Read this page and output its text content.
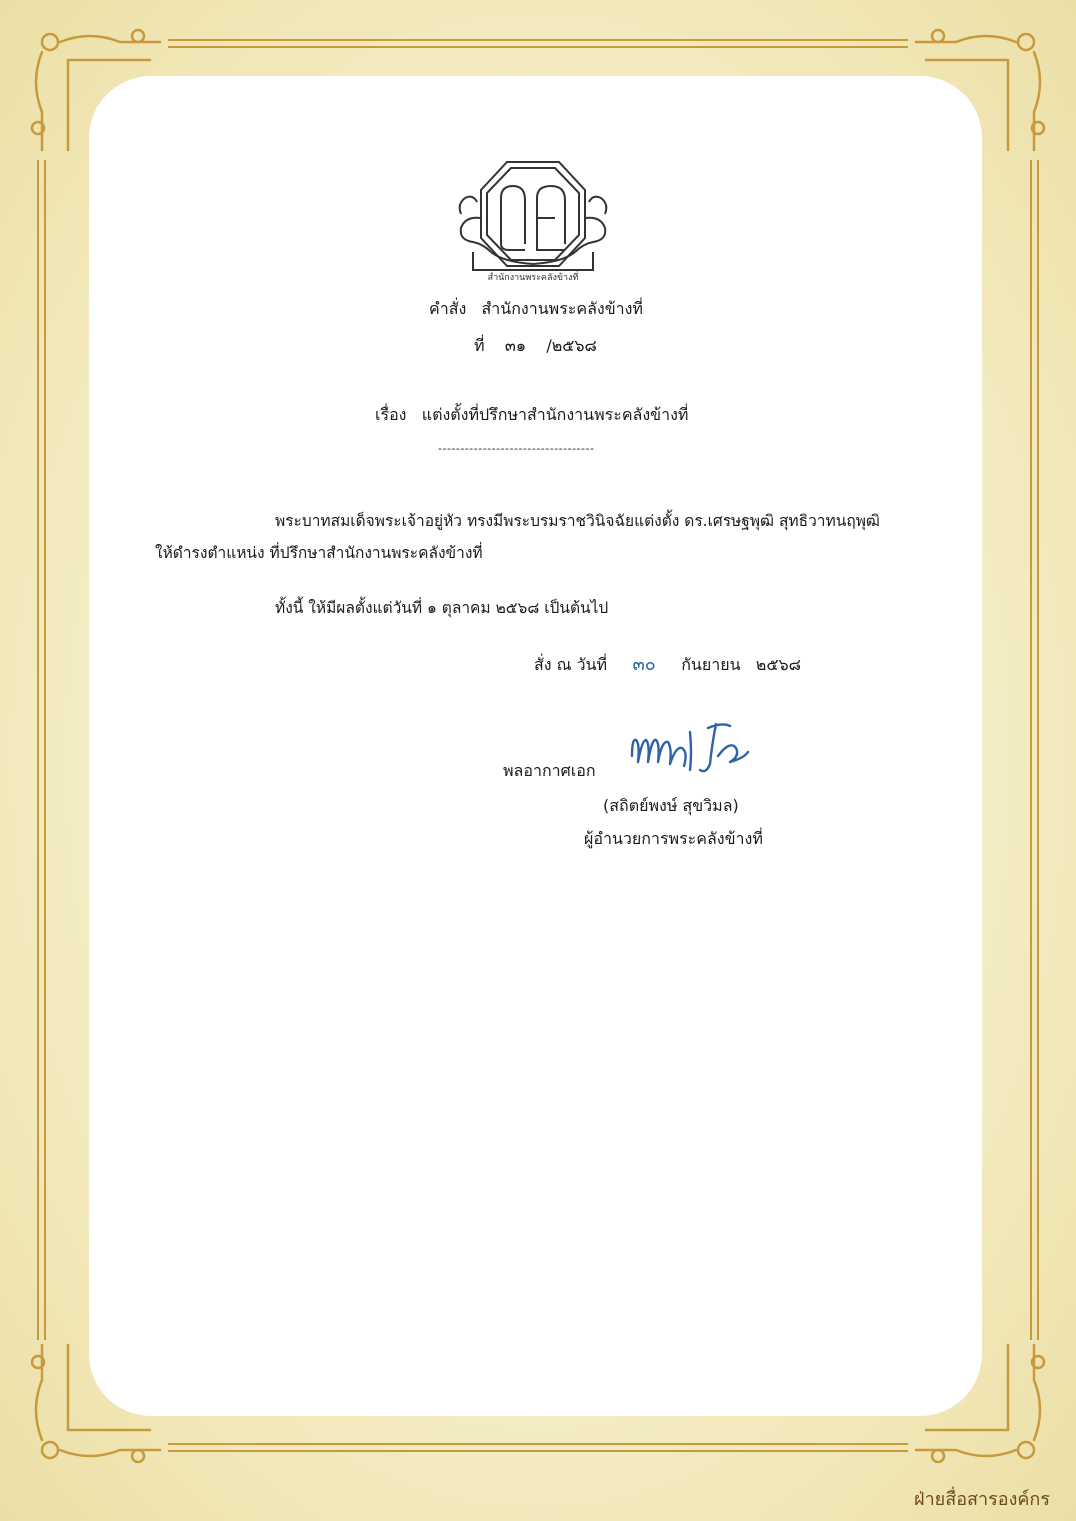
สำนักงานพระคลังข้างที่
คำสั่ง สำนักงานพระคลังข้างที่
ที่ ๓๑ /๒๕๖๘
เรื่อง แต่งตั้งที่ปรึกษาสำนักงานพระคลังข้างที่
-----------------------------------
พระบาทสมเด็จพระเจ้าอยู่หัว ทรงมีพระบรมราชวินิจฉัยแต่งตั้ง ดร.เศรษฐพุฒิ สุทธิวาทนฤพุฒิ
ให้ดำรงตำแหน่ง ที่ปรึกษาสำนักงานพระคลังข้างที่
ทั้งนี้ ให้มีผลตั้งแต่วันที่ ๑ ตุลาคม ๒๕๖๘ เป็นต้นไป
สั่ง ณ วันที่ ๓๐ กันยายน ๒๕๖๘
พลอากาศเอก
(สถิตย์พงษ์ สุขวิมล)
ผู้อำนวยการพระคลังข้างที่
ฝ่ายสื่อสารองค์กร
